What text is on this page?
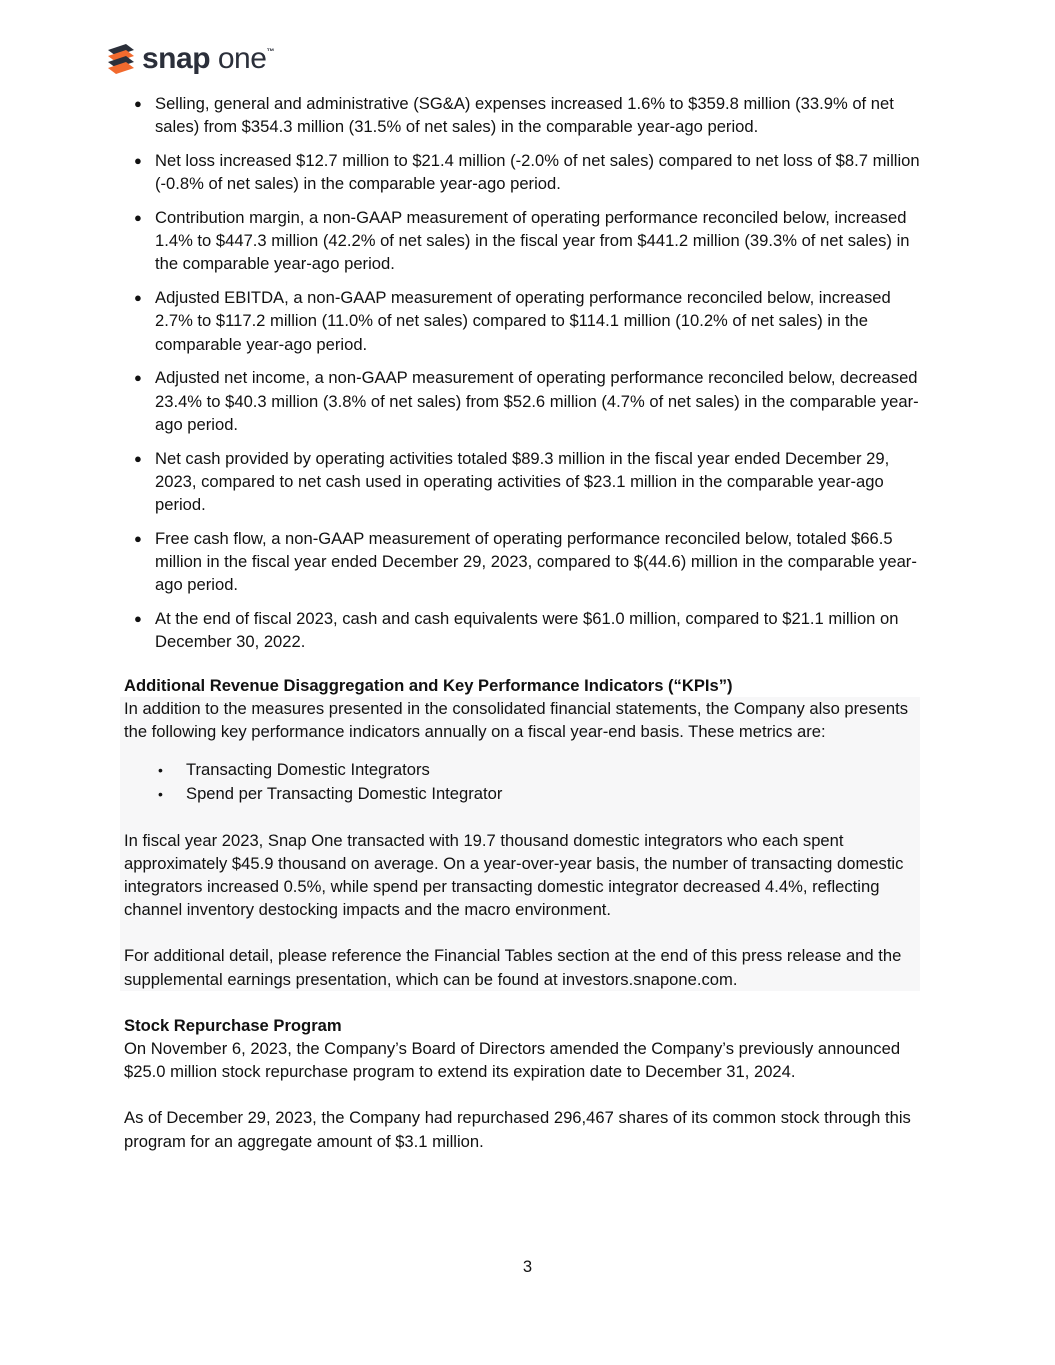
snap one™
● Selling, general and administrative (SG&A) expenses increased 1.6% to $359.8 million (33.9% of net sales) from $354.3 million (31.5% of net sales) in the comparable year-ago period.
● Net loss increased $12.7 million to $21.4 million (-2.0% of net sales) compared to net loss of $8.7 million (-0.8% of net sales) in the comparable year-ago period.
● Contribution margin, a non-GAAP measurement of operating performance reconciled below, increased 1.4% to $447.3 million (42.2% of net sales) in the fiscal year from $441.2 million (39.3% of net sales) in the comparable year-ago period.
● Adjusted EBITDA, a non-GAAP measurement of operating performance reconciled below, increased 2.7% to $117.2 million (11.0% of net sales) compared to $114.1 million (10.2% of net sales) in the comparable year-ago period.
● Adjusted net income, a non-GAAP measurement of operating performance reconciled below, decreased 23.4% to $40.3 million (3.8% of net sales) from $52.6 million (4.7% of net sales) in the comparable year-ago period.
● Net cash provided by operating activities totaled $89.3 million in the fiscal year ended December 29, 2023, compared to net cash used in operating activities of $23.1 million in the comparable year-ago period.
● Free cash flow, a non-GAAP measurement of operating performance reconciled below, totaled $66.5 million in the fiscal year ended December 29, 2023, compared to $(44.6) million in the comparable year-ago period.
● At the end of fiscal 2023, cash and cash equivalents were $61.0 million, compared to $21.1 million on December 30, 2022.
Additional Revenue Disaggregation and Key Performance Indicators (“KPIs”)

In addition to the measures presented in the consolidated financial statements, the Company also presents the following key performance indicators annually on a fiscal year-end basis. These metrics are:

• Transacting Domestic Integrators
• Spend per Transacting Domestic Integrator

In fiscal year 2023, Snap One transacted with 19.7 thousand domestic integrators who each spent approximately $45.9 thousand on average. On a year-over-year basis, the number of transacting domestic integrators increased 0.5%, while spend per transacting domestic integrator decreased 4.4%, reflecting channel inventory destocking impacts and the macro environment.

For additional detail, please reference the Financial Tables section at the end of this press release and the supplemental earnings presentation, which can be found at investors.snapone.com.

Stock Repurchase Program

On November 6, 2023, the Company’s Board of Directors amended the Company’s previously announced $25.0 million stock repurchase program to extend its expiration date to December 31, 2024.

As of December 29, 2023, the Company had repurchased 296,467 shares of its common stock through this program for an aggregate amount of $3.1 million.

3
